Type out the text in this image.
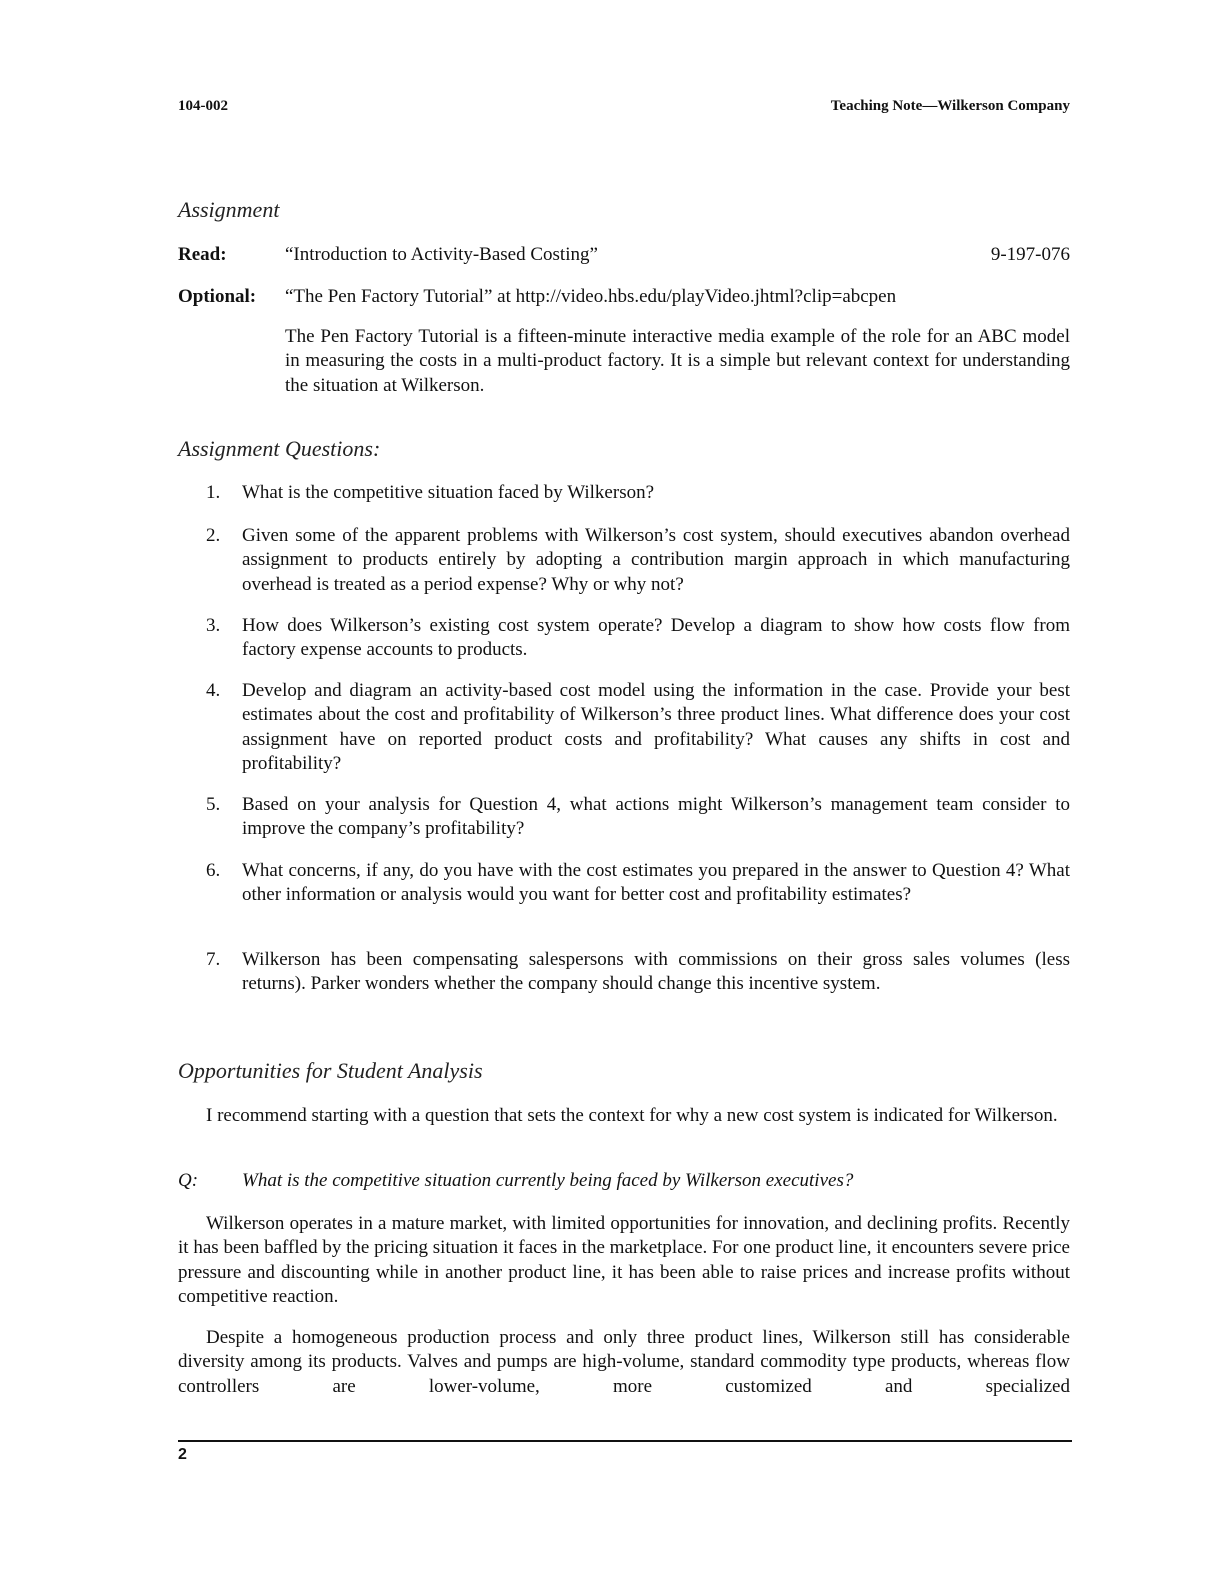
104-002	Teaching Note—Wilkerson Company
Assignment
Read:	“Introduction to Activity-Based Costing”	9-197-076
Optional: “The Pen Factory Tutorial” at http://video.hbs.edu/playVideo.jhtml?clip=abcpen
The Pen Factory Tutorial is a fifteen-minute interactive media example of the role for an ABC model in measuring the costs in a multi-product factory. It is a simple but relevant context for understanding the situation at Wilkerson.
Assignment Questions:
1. What is the competitive situation faced by Wilkerson?
2. Given some of the apparent problems with Wilkerson’s cost system, should executives abandon overhead assignment to products entirely by adopting a contribution margin approach in which manufacturing overhead is treated as a period expense? Why or why not?
3. How does Wilkerson’s existing cost system operate? Develop a diagram to show how costs flow from factory expense accounts to products.
4. Develop and diagram an activity-based cost model using the information in the case. Provide your best estimates about the cost and profitability of Wilkerson’s three product lines. What difference does your cost assignment have on reported product costs and profitability? What causes any shifts in cost and profitability?
5. Based on your analysis for Question 4, what actions might Wilkerson’s management team consider to improve the company’s profitability?
6. What concerns, if any, do you have with the cost estimates you prepared in the answer to Question 4? What other information or analysis would you want for better cost and profitability estimates?
7. Wilkerson has been compensating salespersons with commissions on their gross sales volumes (less returns). Parker wonders whether the company should change this incentive system.
Opportunities for Student Analysis
I recommend starting with a question that sets the context for why a new cost system is indicated for Wilkerson.
Q: What is the competitive situation currently being faced by Wilkerson executives?
Wilkerson operates in a mature market, with limited opportunities for innovation, and declining profits. Recently it has been baffled by the pricing situation it faces in the marketplace. For one product line, it encounters severe price pressure and discounting while in another product line, it has been able to raise prices and increase profits without competitive reaction.
Despite a homogeneous production process and only three product lines, Wilkerson still has considerable diversity among its products. Valves and pumps are high-volume, standard commodity type products, whereas flow controllers are lower-volume, more customized and specialized
2
